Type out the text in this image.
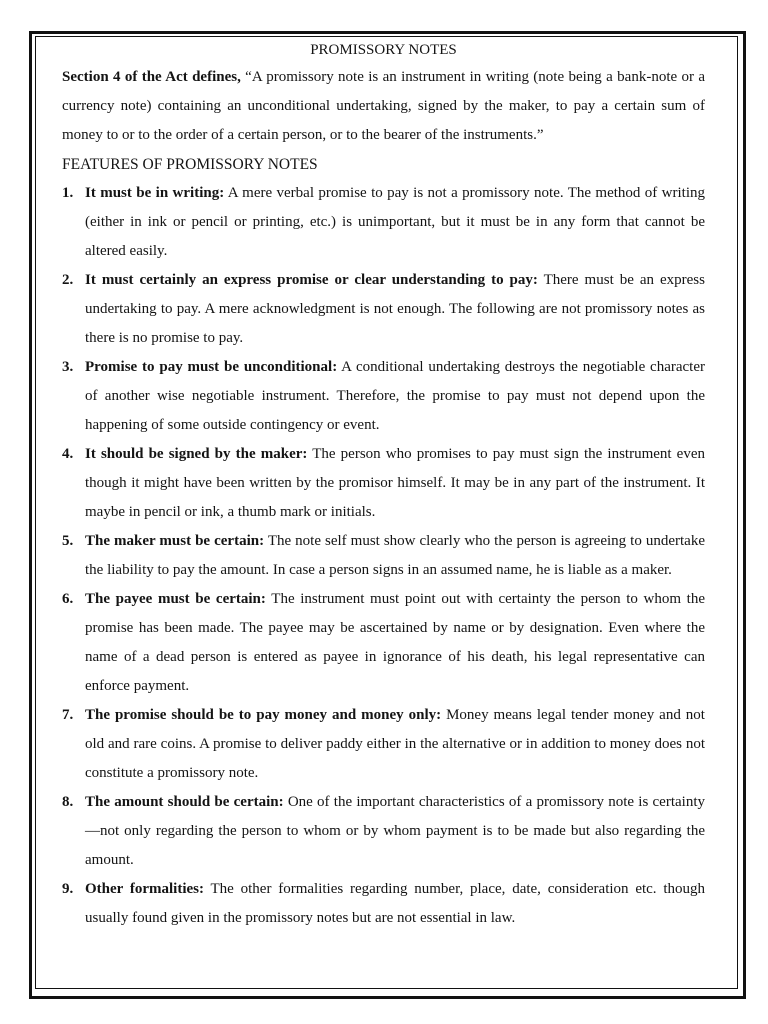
PROMISSORY NOTES

Section 4 of the Act defines, “A promissory note is an instrument in writing (note being a bank-note or a currency note) containing an unconditional undertaking, signed by the maker, to pay a certain sum of money to or to the order of a certain person, or to the bearer of the instruments.”

FEATURES OF PROMISSORY NOTES

1. It must be in writing: A mere verbal promise to pay is not a promissory note. The method of writing (either in ink or pencil or printing, etc.) is unimportant, but it must be in any form that cannot be altered easily.
2. It must certainly an express promise or clear understanding to pay: There must be an express undertaking to pay. A mere acknowledgment is not enough. The following are not promissory notes as there is no promise to pay.
3. Promise to pay must be unconditional: A conditional undertaking destroys the negotiable character of another wise negotiable instrument. Therefore, the promise to pay must not depend upon the happening of some outside contingency or event.
4. It should be signed by the maker: The person who promises to pay must sign the instrument even though it might have been written by the promisor himself. It may be in any part of the instrument. It maybe in pencil or ink, a thumb mark or initials.
5. The maker must be certain: The note self must show clearly who the person is agreeing to undertake the liability to pay the amount. In case a person signs in an assumed name, he is liable as a maker.
6. The payee must be certain: The instrument must point out with certainty the person to whom the promise has been made. The payee may be ascertained by name or by designation. Even where the name of a dead person is entered as payee in ignorance of his death, his legal representative can enforce payment.
7. The promise should be to pay money and money only: Money means legal tender money and not old and rare coins. A promise to deliver paddy either in the alternative or in addition to money does not constitute a promissory note.
8. The amount should be certain: One of the important characteristics of a promissory note is certainty—not only regarding the person to whom or by whom payment is to be made but also regarding the amount.
9. Other formalities: The other formalities regarding number, place, date, consideration etc. though usually found given in the promissory notes but are not essential in law.
